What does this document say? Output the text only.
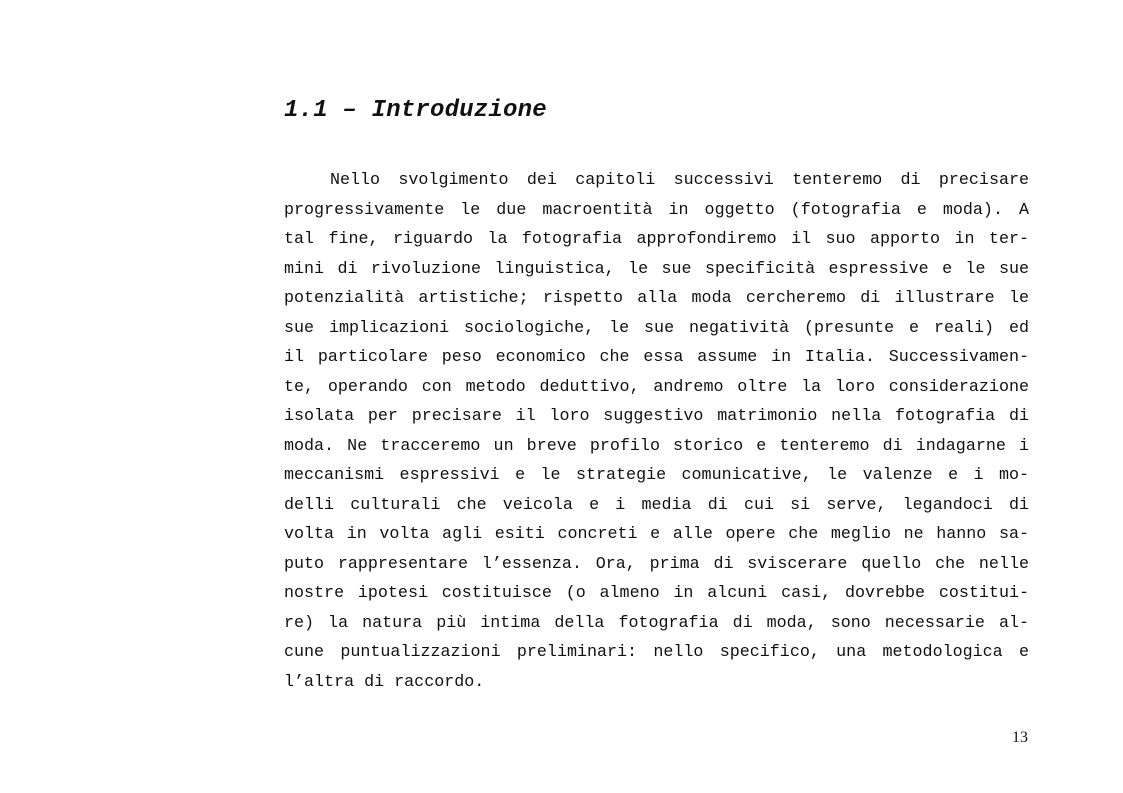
1.1 – Introduzione
Nello svolgimento dei capitoli successivi tenteremo di precisare
progressivamente le due macroentità in oggetto (fotografia e moda). A
tal fine, riguardo la fotografia approfondiremo il suo apporto in ter-
mini di rivoluzione linguistica, le sue specificità espressive e le sue
potenzialità artistiche; rispetto alla moda cercheremo di illustrare le
sue implicazioni sociologiche, le sue negatività (presunte e reali) ed
il particolare peso economico che essa assume in Italia. Successivamen-
te, operando con metodo deduttivo, andremo oltre la loro considerazione
isolata per precisare il loro suggestivo matrimonio nella fotografia di
moda. Ne tracceremo un breve profilo storico e tenteremo di indagarne i
meccanismi espressivi e le strategie comunicative, le valenze e i mo-
delli culturali che veicola e i media di cui si serve, legandoci di
volta in volta agli esiti concreti e alle opere che meglio ne hanno sa-
puto rappresentare l’essenza. Ora, prima di sviscerare quello che nelle
nostre ipotesi costituisce (o almeno in alcuni casi, dovrebbe costitui-
re) la natura più intima della fotografia di moda, sono necessarie al-
cune puntualizzazioni preliminari: nello specifico, una metodologica e
l’altra di raccordo.
13
